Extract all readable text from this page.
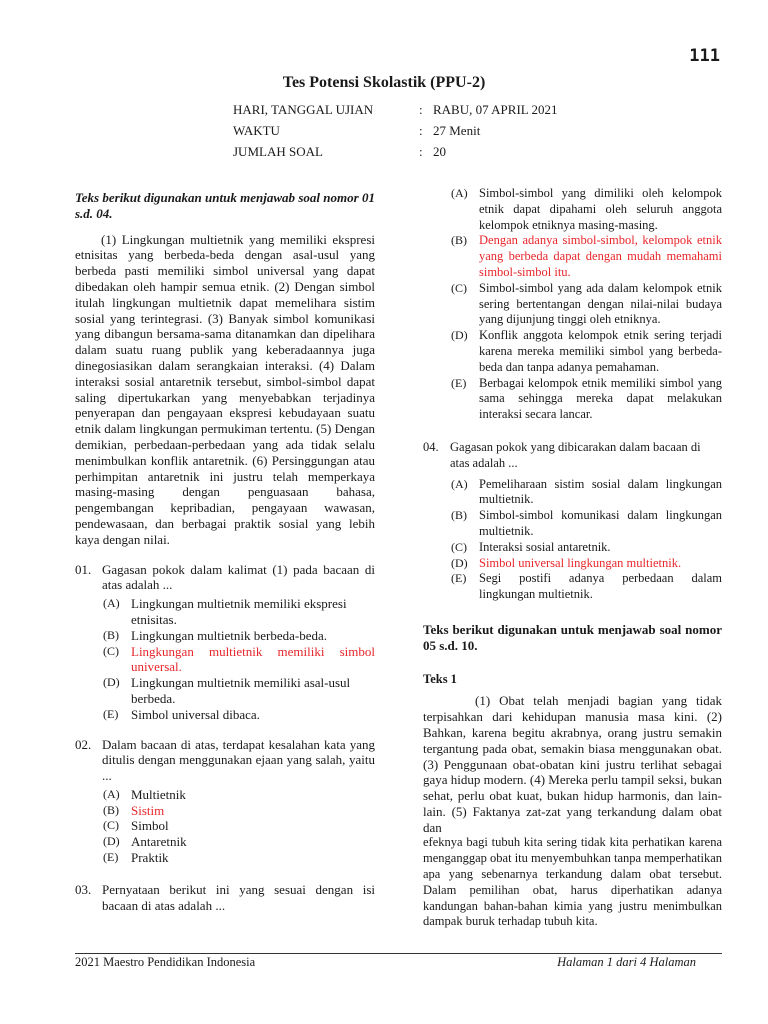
111
Tes Potensi Skolastik (PPU-2)
HARI, TANGGAL UJIAN	: RABU, 07 APRIL 2021
WAKTU	: 27 Menit
JUMLAH SOAL	: 20
Teks berikut digunakan untuk menjawab soal nomor 01 s.d. 04.

(1) Lingkungan multietnik yang memiliki ekspresi etnisitas yang berbeda-beda dengan asal-usul yang berbeda pasti memiliki simbol universal yang dapat dibedakan oleh hampir semua etnik. (2) Dengan simbol itulah lingkungan multietnik dapat memelihara sistim sosial yang terintegrasi. (3) Banyak simbol komunikasi yang dibangun bersama-sama ditanamkan dan dipelihara dalam suatu ruang publik yang keberadaannya juga dinegosiasikan dalam serangkaian interaksi. (4) Dalam interaksi sosial antaretnik tersebut, simbol-simbol dapat saling dipertukarkan yang menyebabkan terjadinya penyerapan dan pengayaan ekspresi kebudayaan suatu etnik dalam lingkungan permukiman tertentu. (5) Dengan demikian, perbedaan-perbedaan yang ada tidak selalu menimbulkan konflik antaretnik. (6) Persinggungan atau perhimpitan antaretnik ini justru telah memperkaya masing-masing dengan penguasaan bahasa, pengembangan kepribadian, pengayaan wawasan, pendewasaan, dan berbagai praktik sosial yang lebih kaya dengan nilai.

01. Gagasan pokok dalam kalimat (1) pada bacaan di atas adalah ...
(A) Lingkungan multietnik memiliki ekspresi etnisitas.
(B) Lingkungan multietnik berbeda-beda.
(C) Lingkungan multietnik memiliki simbol universal.
(D) Lingkungan multietnik memiliki asal-usul berbeda.
(E) Simbol universal dibaca.
02. Dalam bacaan di atas, terdapat kesalahan kata yang ditulis dengan menggunakan ejaan yang salah, yaitu ...
(A) Multietnik
(B) Sistim
(C) Simbol
(D) Antaretnik
(E) Praktik
03. Pernyataan berikut ini yang sesuai dengan isi bacaan di atas adalah ...
(A) Simbol-simbol yang dimiliki oleh kelompok etnik dapat dipahami oleh seluruh anggota kelompok etniknya masing-masing.
(B) Dengan adanya simbol-simbol, kelompok etnik yang berbeda dapat dengan mudah memahami simbol-simbol itu.
(C) Simbol-simbol yang ada dalam kelompok etnik sering bertentangan dengan nilai-nilai budaya yang dijunjung tinggi oleh etniknya.
(D) Konflik anggota kelompok etnik sering terjadi karena mereka memiliki simbol yang berbeda-beda dan tanpa adanya pemahaman.
(E)	Berbagai kelompok etnik memiliki simbol yang sama sehingga mereka dapat melakukan interaksi secara lancar.
04. Gagasan pokok yang dibicarakan dalam bacaan di atas adalah ...
(A) Pemeliharaan sistim sosial dalam lingkungan multietnik.
(B) Simbol-simbol komunikasi dalam lingkungan multietnik.
(C) Interaksi sosial antaretnik.
(D) Simbol universal lingkungan multietnik.
(E)	Segi postifi adanya perbedaan dalam lingkungan multietnik.
Teks berikut digunakan untuk menjawab soal nomor 05 s.d. 10.
Teks 1

(1) Obat telah menjadi bagian yang tidak terpisahkan dari kehidupan manusia masa kini. (2) Bahkan, karena begitu akrabnya, orang justru semakin tergantung pada obat, semakin biasa menggunakan obat. (3) Penggunaan obat-obatan kini justru terlihat sebagai gaya hidup modern. (4) Mereka perlu tampil seksi, bukan sehat, perlu obat kuat, bukan hidup harmonis, dan lain-lain. (5) Faktanya zat-zat yang terkandung dalam obat dan

efeknya bagi tubuh kita sering tidak kita perhatikan karena menganggap obat itu menyembuhkan tanpa memperhatikan apa yang sebenarnya terkandung dalam obat tersebut. Dalam pemilihan obat, harus diperhatikan adanya kandungan bahan-bahan kimia yang justru menimbulkan dampak buruk terhadap tubuh kita.

2021 Maestro Pendidikan Indonesia	Halaman 1 dari 4 Halaman
